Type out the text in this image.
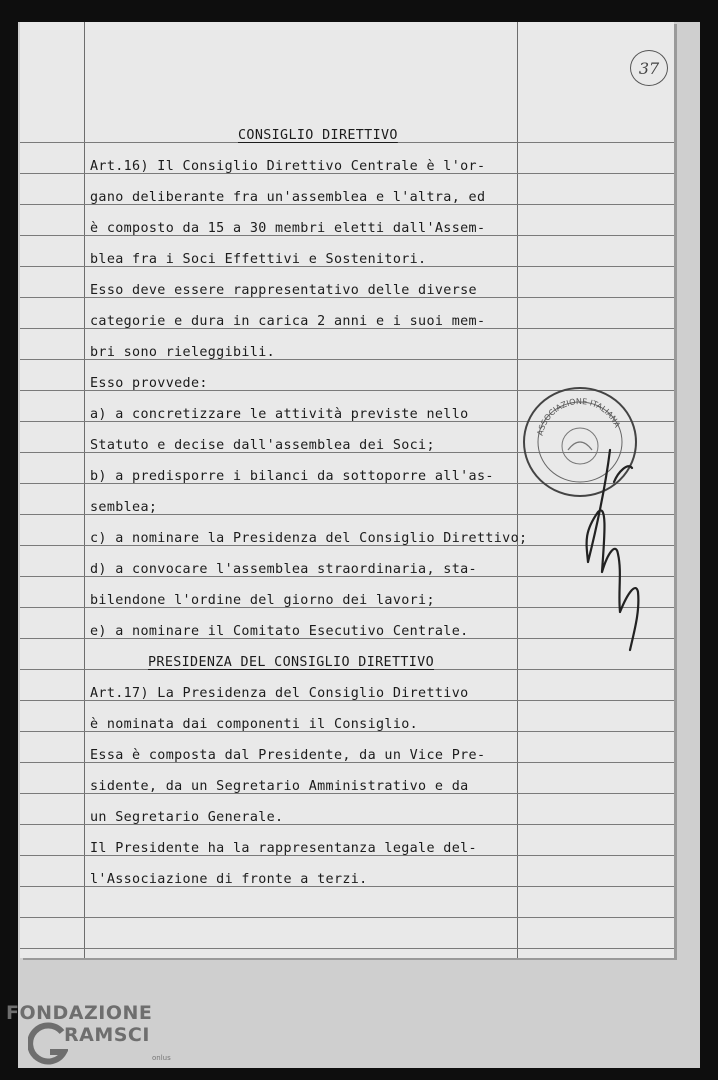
37
CONSIGLIO DIRETTIVO
Art.16) Il Consiglio Direttivo Centrale è l'or-
gano deliberante fra un'assemblea e l'altra, ed
è composto da 15 a 30 membri eletti dall'Assem-
blea fra i Soci Effettivi e Sostenitori.
Esso deve essere rappresentativo delle diverse
categorie e dura in carica 2 anni e i suoi mem-
bri sono rieleggibili.
Esso provvede:
a) a concretizzare le attività previste nello
Statuto e decise dall'assemblea dei Soci;
b) a predisporre i bilanci da sottoporre all'as-
semblea;
c) a nominare la Presidenza del Consiglio Direttivo;
d) a convocare l'assemblea straordinaria, sta-
bilendone l'ordine del giorno dei lavori;
e) a nominare il Comitato Esecutivo Centrale.
PRESIDENZA DEL CONSIGLIO DIRETTIVO
Art.17) La Presidenza del Consiglio Direttivo
è nominata dai componenti il Consiglio.
Essa è composta dal Presidente, da un Vice Pre-
sidente, da un Segretario Amministrativo e da
un Segretario Generale.
Il Presidente ha la rappresentanza legale del-
l'Associazione di fronte a terzi.
ASSOCIAZIONE ITALIANA
FONDAZIONE
RAMSCI
onlus
